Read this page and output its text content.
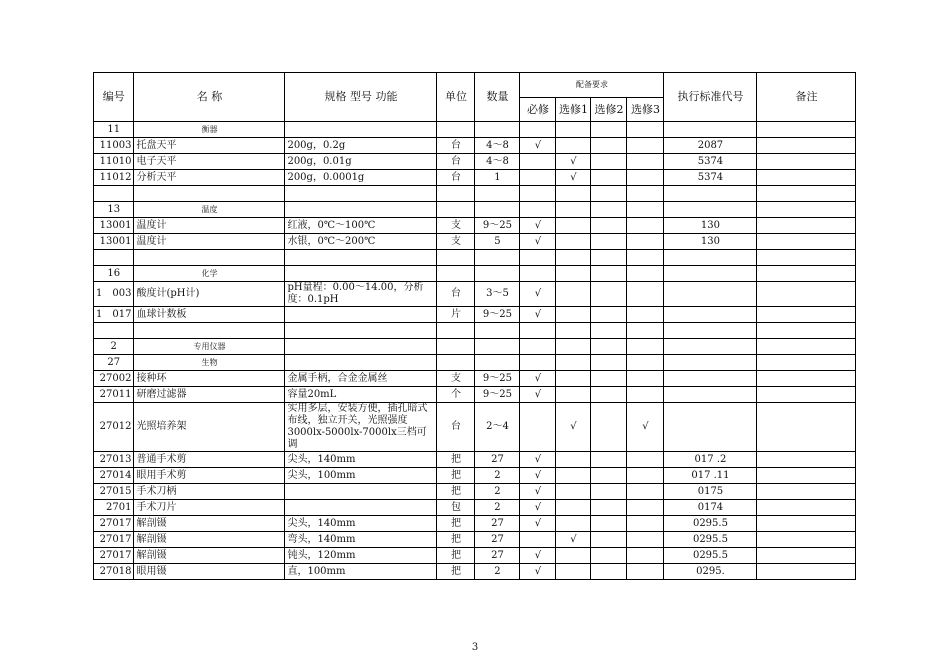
编号	名 称	规格 型号 功能	单位	数量	配备要求				执行标准代号	备注
					必修	选修1	选修2	选修3		
11	衡器									
11003	托盘天平	200g，0.2g	台	4～8	√				2087	
11010	电子天平	200g，0.01g	台	4～8		√			5374	
11012	分析天平	200g，0.0001g	台	1		√			5374	

13	温度									
13001	温度计	红液，0℃～100℃	支	9～25	√				130	
13001	温度计	水银，0℃～200℃	支	5	√				130	

16	化学									
1　003	酸度计(pH计)	pH量程：0.00～14.00，分析度：0.1pH	台	3～5	√					
1　017	血球计数板		片	9～25	√					

2	专用仪器									
27	生物									
27002	接种环	金属手柄，合金金属丝	支	9～25	√					
27011	研磨过滤器	容量20mL	个	9～25	√					
27012	光照培养架	实用多层，安装方便，插孔暗式布线，独立开关，光照强度3000lx-5000lx-7000lx三档可调	台	2～4		√		√		
27013	普通手术剪	尖头，140mm	把	27	√				017 .2	
27014	眼用手术剪	尖头，100mm	把	2	√				017 .11	
27015	手术刀柄		把	2	√				0175	
2701	手术刀片		包	2	√				0174	
27017	解剖镊	尖头，140mm	把	27	√				0295.5	
27017	解剖镊	弯头，140mm	把	27		√			0295.5	
27017	解剖镊	钝头，120mm	把	27	√				0295.5	
27018	眼用镊	直，100mm	把	2	√				0295.	
3
